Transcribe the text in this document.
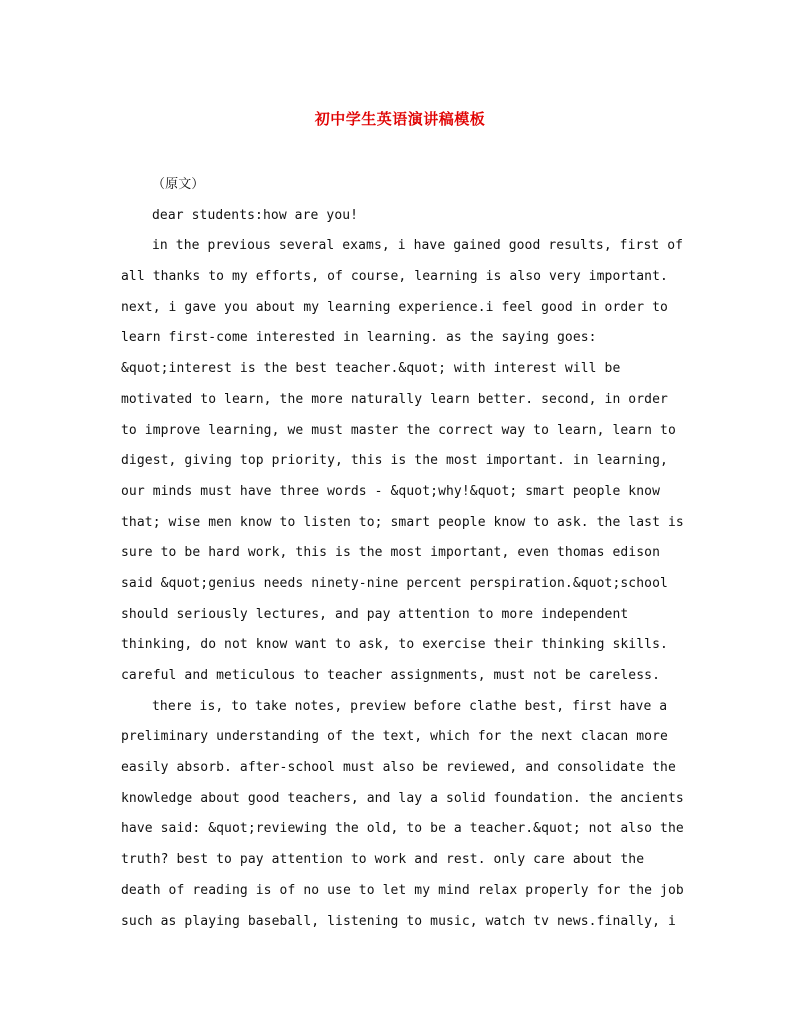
初中学生英语演讲稿模板
（原文）
dear students:how are you!
in the previous several exams, i have gained good results, first of
all thanks to my efforts, of course, learning is also very important.
next, i gave you about my learning experience.i feel good in order to
learn first-come interested in learning. as the saying goes:
&quot;interest is the best teacher.&quot; with interest will be
motivated to learn, the more naturally learn better. second, in order
to improve learning, we must master the correct way to learn, learn to
digest, giving top priority, this is the most important. in learning,
our minds must have three words - &quot;why!&quot; smart people know
that; wise men know to listen to; smart people know to ask. the last is
sure to be hard work, this is the most important, even thomas edison
said &quot;genius needs ninety-nine percent perspiration.&quot;school
should seriously lectures, and pay attention to more independent
thinking, do not know want to ask, to exercise their thinking skills.
careful and meticulous to teacher assignments, must not be careless.
there is, to take notes, preview before clathe best, first have a
preliminary understanding of the text, which for the next clacan more
easily absorb. after-school must also be reviewed, and consolidate the
knowledge about good teachers, and lay a solid foundation. the ancients
have said: &quot;reviewing the old, to be a teacher.&quot; not also the
truth? best to pay attention to work and rest. only care about the
death of reading is of no use to let my mind relax properly for the job
such as playing baseball, listening to music, watch tv news.finally, i
